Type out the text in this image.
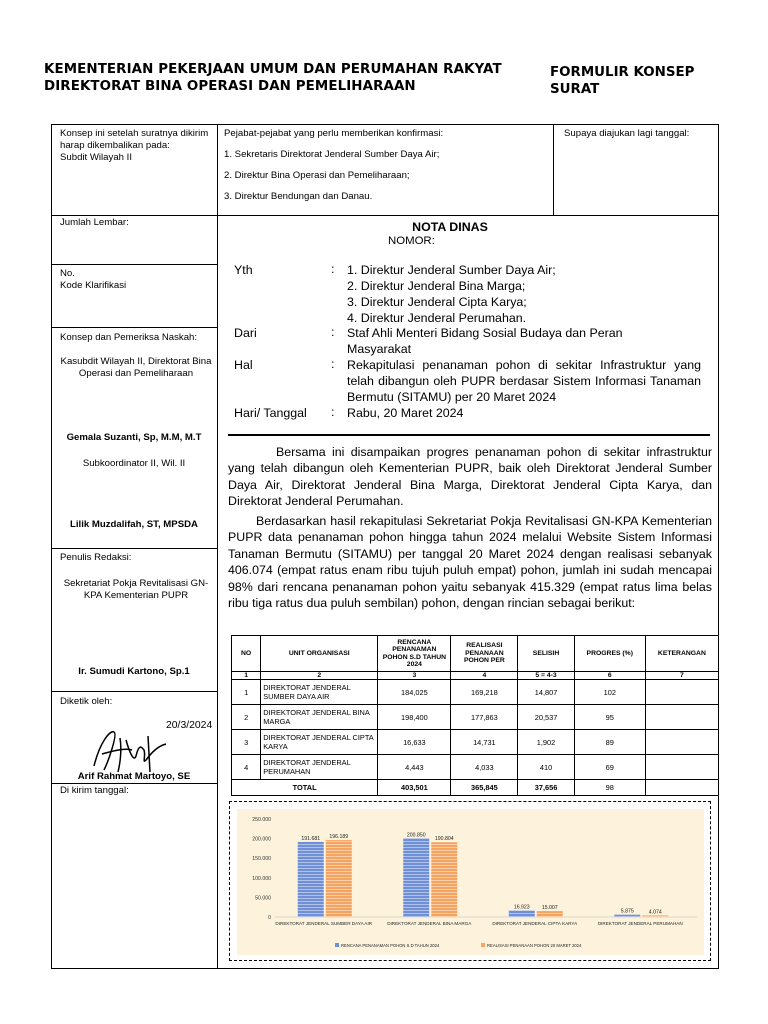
KEMENTERIAN PEKERJAAN UMUM DAN PERUMAHAN RAKYAT
DIREKTORAT BINA OPERASI DAN PEMELIHARAAN
FORMULIR KONSEP
SURAT
Konsep ini setelah suratnya dikirim harap dikembalikan pada:
Subdit Wilayah II
Pejabat-pejabat yang perlu memberikan konfirmasi:
1. Sekretaris Direktorat Jenderal Sumber Daya Air;
2. Direktur Bina Operasi dan Pemeliharaan;
3. Direktur Bendungan dan Danau.
Supaya diajukan lagi tanggal:
Jumlah Lembar:
No.
Kode Klarifikasi
Konsep dan Pemeriksa Naskah:
Kasubdit Wilayah II, Direktorat Bina Operasi dan Pemeliharaan
Gemala Suzanti, Sp, M.M, M.T
Subkoordinator II, Wil. II
Lilik Muzdalifah, ST, MPSDA
Penulis Redaksi:
Sekretariat Pokja Revitalisasi GN-KPA Kementerian PUPR
Ir. Sumudi Kartono, Sp.1
Diketik oleh:
20/3/2024
Arif Rahmat Martoyo, SE
Di kirim tanggal:
NOTA DINAS
NOMOR:
Yth	: 1. Direktur Jenderal Sumber Daya Air;
2. Direktur Jenderal Bina Marga;
3. Direktur Jenderal Cipta Karya;
4. Direktur Jenderal Perumahan.
Dari	: Staf Ahli Menteri Bidang Sosial Budaya dan Peran Masyarakat
Hal	: Rekapitulasi penanaman pohon di sekitar Infrastruktur yang telah dibangun oleh PUPR berdasar Sistem Informasi Tanaman Bermutu (SITAMU) per 20 Maret 2024
Hari/ Tanggal : Rabu, 20 Maret 2024
Bersama ini disampaikan progres penanaman pohon di sekitar infrastruktur yang telah dibangun oleh Kementerian PUPR, baik oleh Direktorat Jenderal Sumber Daya Air, Direktorat Jenderal Bina Marga, Direktorat Jenderal Cipta Karya, dan Direktorat Jenderal Perumahan.
Berdasarkan hasil rekapitulasi Sekretariat Pokja Revitalisasi GN-KPA Kementerian PUPR data penanaman pohon hingga tahun 2024 melalui Website Sistem Informasi Tanaman Bermutu (SITAMU) per tanggal 20 Maret 2024 dengan realisasi sebanyak 406.074 (empat ratus enam ribu tujuh puluh empat) pohon, jumlah ini sudah mencapai 98% dari rencana penanaman pohon yaitu sebanyak 415.329 (empat ratus lima belas ribu tiga ratus dua puluh sembilan) pohon, dengan rincian sebagai berikut:
NO	UNIT ORGANISASI	RENCANA PENANAMAN POHON S.D TAHUN 2024	REALISASI PENANAAN POHON PER	SELISIH	PROGRES (%)	KETERANGAN
1	2	3	4	5 = 4-3	6	7
1	DIREKTORAT JENDERAL SUMBER DAYA AIR	184,025	169,218	14,807	102	
2	DIREKTORAT JENDERAL BINA MARGA	198,400	177,863	20,537	95	
3	DIREKTORAT JENDERAL CIPTA KARYA	16,633	14,731	1,902	89	
4	DIREKTORAT JENDERAL PERUMAHAN	4,443	4,033	410	69	
TOTAL		403,501	365,845	37,656	98	
0
50.000
100.000
150.000
200.000
250.000
191.681 196.189
DIREKTORAT JENDERAL SUMBER DAYA AIR
200.850
190.804
DIREKTORAT JENDERAL BINA MARGA
16.923 15.007
DIREKTORAT JENDERAL CIPTA KARYA
5.875	4.074
DIREKTORAT JENDERAL PERUMAHAN
RENCANA PENANAMAN POHON S.D TAHUN 2024	REALISASI PENANAAN POHON 20 MARET 2024
